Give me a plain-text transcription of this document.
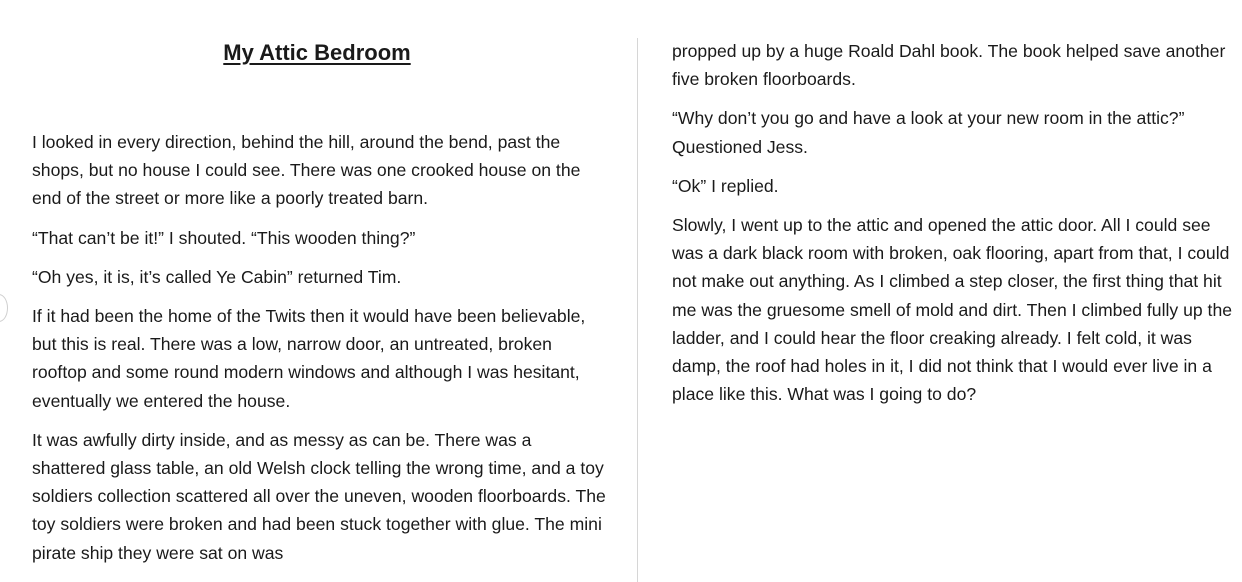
My Attic Bedroom

I looked in every direction, behind the hill, around the bend, past the shops, but no house I could see. There was one crooked house on the end of the street or more like a poorly treated barn.

“That can’t be it!” I shouted. “This wooden thing?”

“Oh yes, it is, it’s called Ye Cabin” returned Tim.

If it had been the home of the Twits then it would have been believable, but this is real. There was a low, narrow door, an untreated, broken rooftop and some round modern windows and although I was hesitant, eventually we entered the house.

It was awfully dirty inside, and as messy as can be. There was a shattered glass table, an old Welsh clock telling the wrong time, and a toy soldiers collection scattered all over the uneven, wooden floorboards. The toy soldiers were broken and had been stuck together with glue. The mini pirate ship they were sat on was

propped up by a huge Roald Dahl book. The book helped save another five broken floorboards.

“Why don’t you go and have a look at your new room in the attic?” Questioned Jess.

“Ok” I replied.

Slowly, I went up to the attic and opened the attic door. All I could see was a dark black room with broken, oak flooring, apart from that, I could not make out anything. As I climbed a step closer, the first thing that hit me was the gruesome smell of mold and dirt. Then I climbed fully up the ladder, and I could hear the floor creaking already. I felt cold, it was damp, the roof had holes in it, I did not think that I would ever live in a place like this. What was I going to do?
